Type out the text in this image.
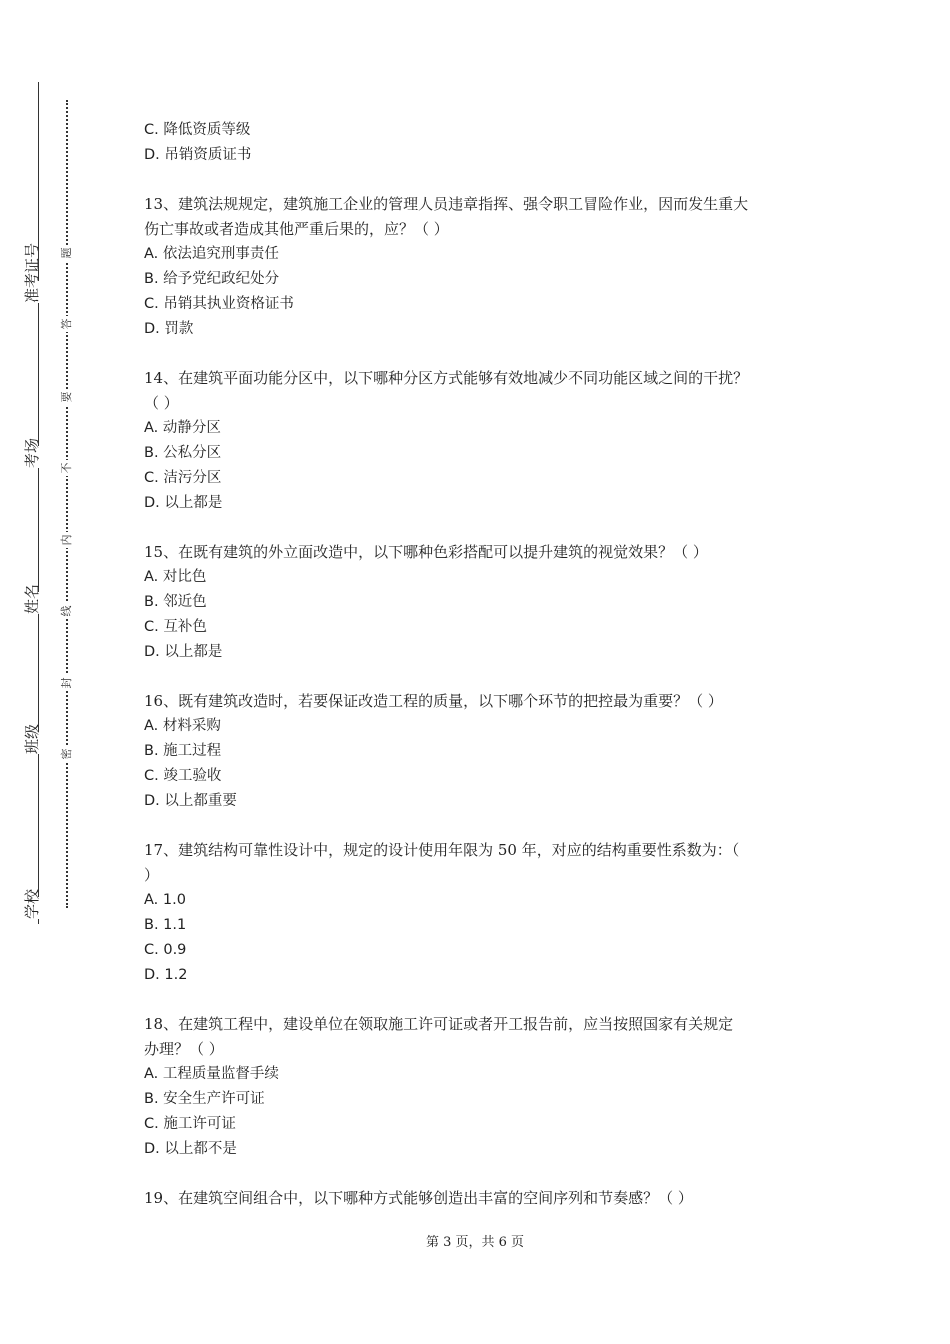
准考证号
考场
姓名
班级
学校
题
答
要
不
内
线
封
密
C. 降低资质等级
D. 吊销资质证书
13、建筑法规规定，建筑施工企业的管理人员违章指挥、强令职工冒险作业，因而发生重大
伤亡事故或者造成其他严重后果的，应？（ ）
A. 依法追究刑事责任
B. 给予党纪政纪处分
C. 吊销其执业资格证书
D. 罚款
14、在建筑平面功能分区中，以下哪种分区方式能够有效地减少不同功能区域之间的干扰？
（ ）
A. 动静分区
B. 公私分区
C. 洁污分区
D. 以上都是
15、在既有建筑的外立面改造中，以下哪种色彩搭配可以提升建筑的视觉效果？（ ）
A. 对比色
B. 邻近色
C. 互补色
D. 以上都是
16、既有建筑改造时，若要保证改造工程的质量，以下哪个环节的把控最为重要？（ ）
A. 材料采购
B. 施工过程
C. 竣工验收
D. 以上都重要
17、建筑结构可靠性设计中，规定的设计使用年限为 50 年，对应的结构重要性系数为：（
）
A. 1.0
B. 1.1
C. 0.9
D. 1.2
18、在建筑工程中，建设单位在领取施工许可证或者开工报告前，应当按照国家有关规定
办理？（ ）
A. 工程质量监督手续
B. 安全生产许可证
C. 施工许可证
D. 以上都不是
19、在建筑空间组合中，以下哪种方式能够创造出丰富的空间序列和节奏感？（ ）
第 3 页，共 6 页
